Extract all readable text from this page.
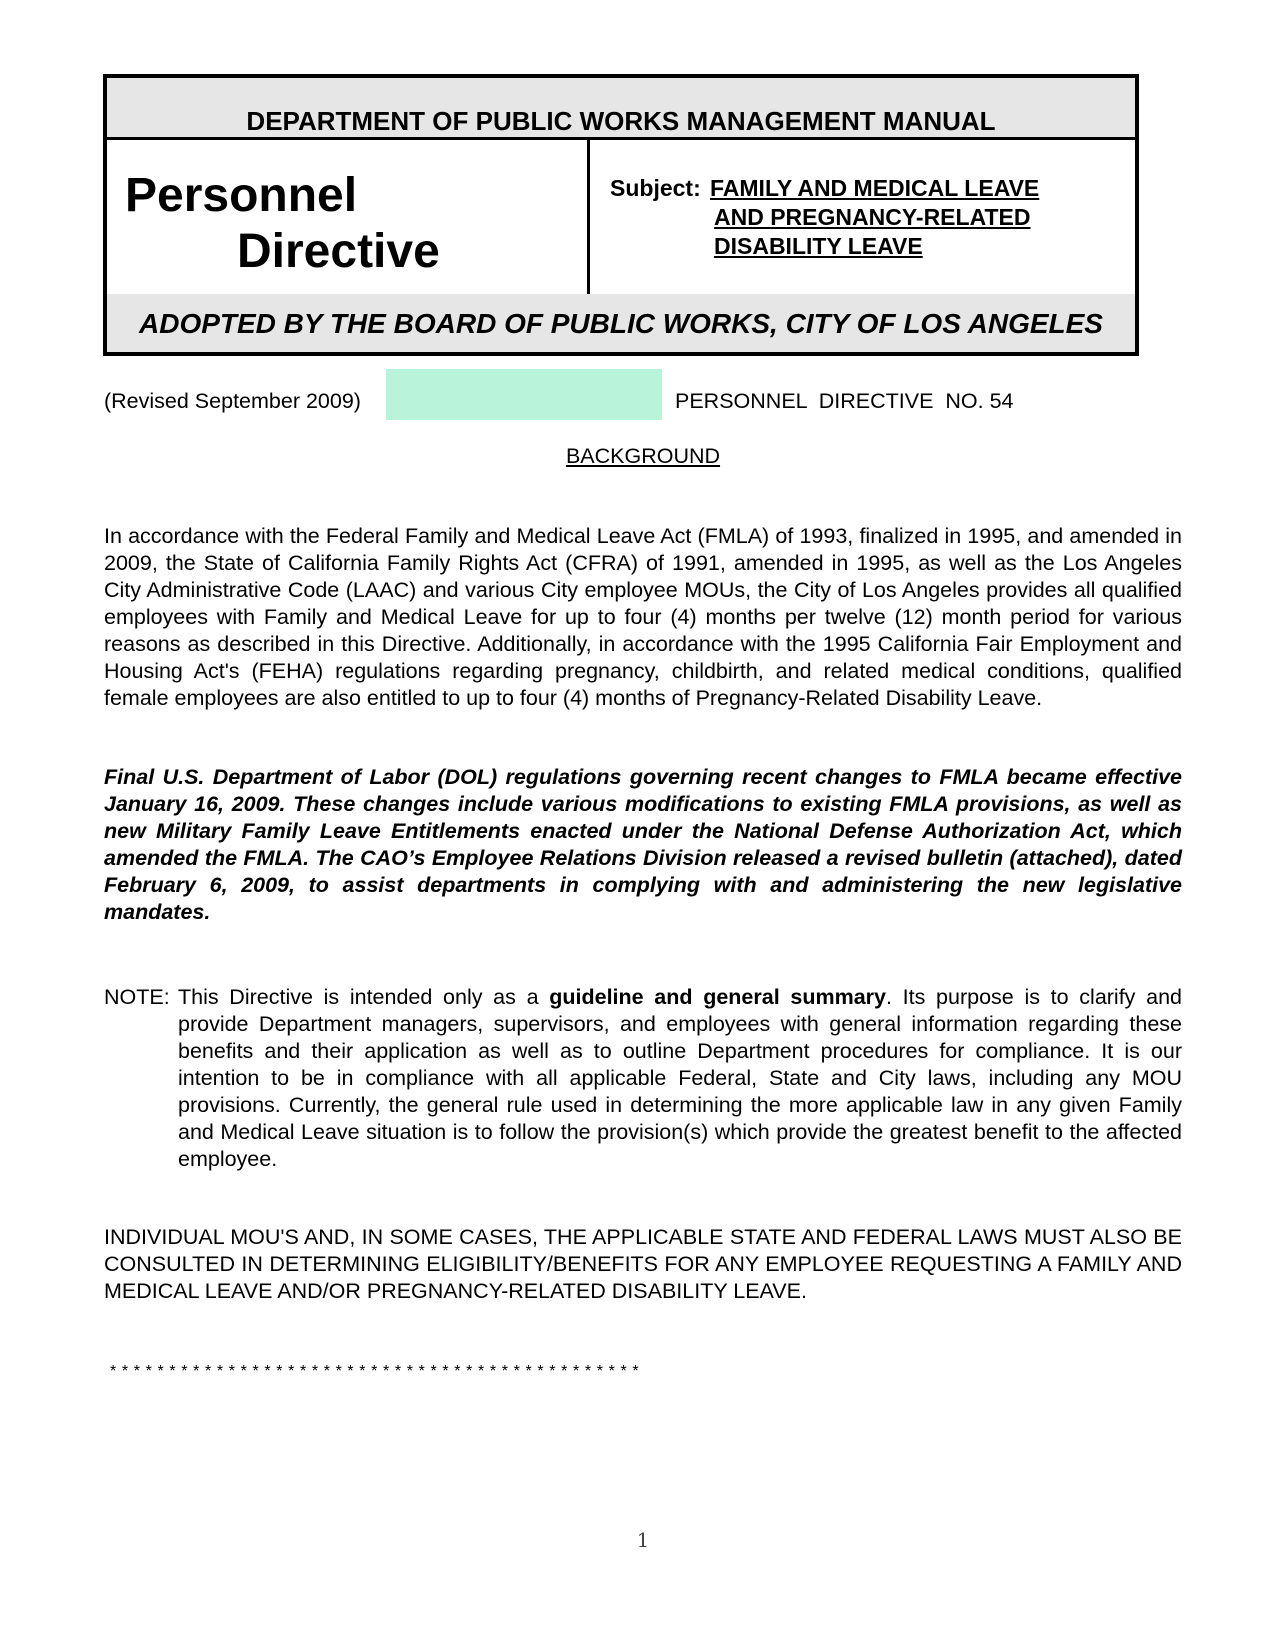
DEPARTMENT OF PUBLIC WORKS MANAGEMENT MANUAL
Personnel
Directive
Subject: FAMILY AND MEDICAL LEAVE
AND PREGNANCY-RELATED
DISABILITY LEAVE
ADOPTED BY THE BOARD OF PUBLIC WORKS, CITY OF LOS ANGELES
(Revised September 2009)	PERSONNEL  DIRECTIVE  NO. 54
BACKGROUND
In accordance with the Federal Family and Medical Leave Act (FMLA) of 1993, finalized in 1995, and amended in 2009, the State of California Family Rights Act (CFRA) of 1991, amended in 1995, as well as the Los Angeles City Administrative Code (LAAC) and various City employee MOUs, the City of Los Angeles provides all qualified employees with Family and Medical Leave for up to four (4) months per twelve (12) month period for various reasons as described in this Directive. Additionally, in accordance with the 1995 California Fair Employment and Housing Act's (FEHA) regulations regarding pregnancy, childbirth, and related medical conditions, qualified female employees are also entitled to up to four (4) months of Pregnancy-Related Disability Leave.
Final U.S. Department of Labor (DOL) regulations governing recent changes to FMLA became effective January 16, 2009. These changes include various modifications to existing FMLA provisions, as well as new Military Family Leave Entitlements enacted under the National Defense Authorization Act, which amended the FMLA. The CAO’s Employee Relations Division released a revised bulletin (attached), dated February 6, 2009, to assist departments in complying with and administering the new legislative mandates.
NOTE: This Directive is intended only as a guideline and general summary. Its purpose is to clarify and provide Department managers, supervisors, and employees with general information regarding these benefits and their application as well as to outline Department procedures for compliance. It is our intention to be in compliance with all applicable Federal, State and City laws, including any MOU provisions. Currently, the general rule used in determining the more applicable law in any given Family and Medical Leave situation is to follow the provision(s) which provide the greatest benefit to the affected employee.
INDIVIDUAL MOU'S AND, IN SOME CASES, THE APPLICABLE STATE AND FEDERAL LAWS MUST ALSO BE CONSULTED IN DETERMINING ELIGIBILITY/BENEFITS FOR ANY EMPLOYEE REQUESTING A FAMILY AND MEDICAL LEAVE AND/OR PREGNANCY-RELATED DISABILITY LEAVE.
* * * * * * * * * * * * * * * * * * * * * * * * * * * * * * * * * * * * * * * * * * * * *
1
